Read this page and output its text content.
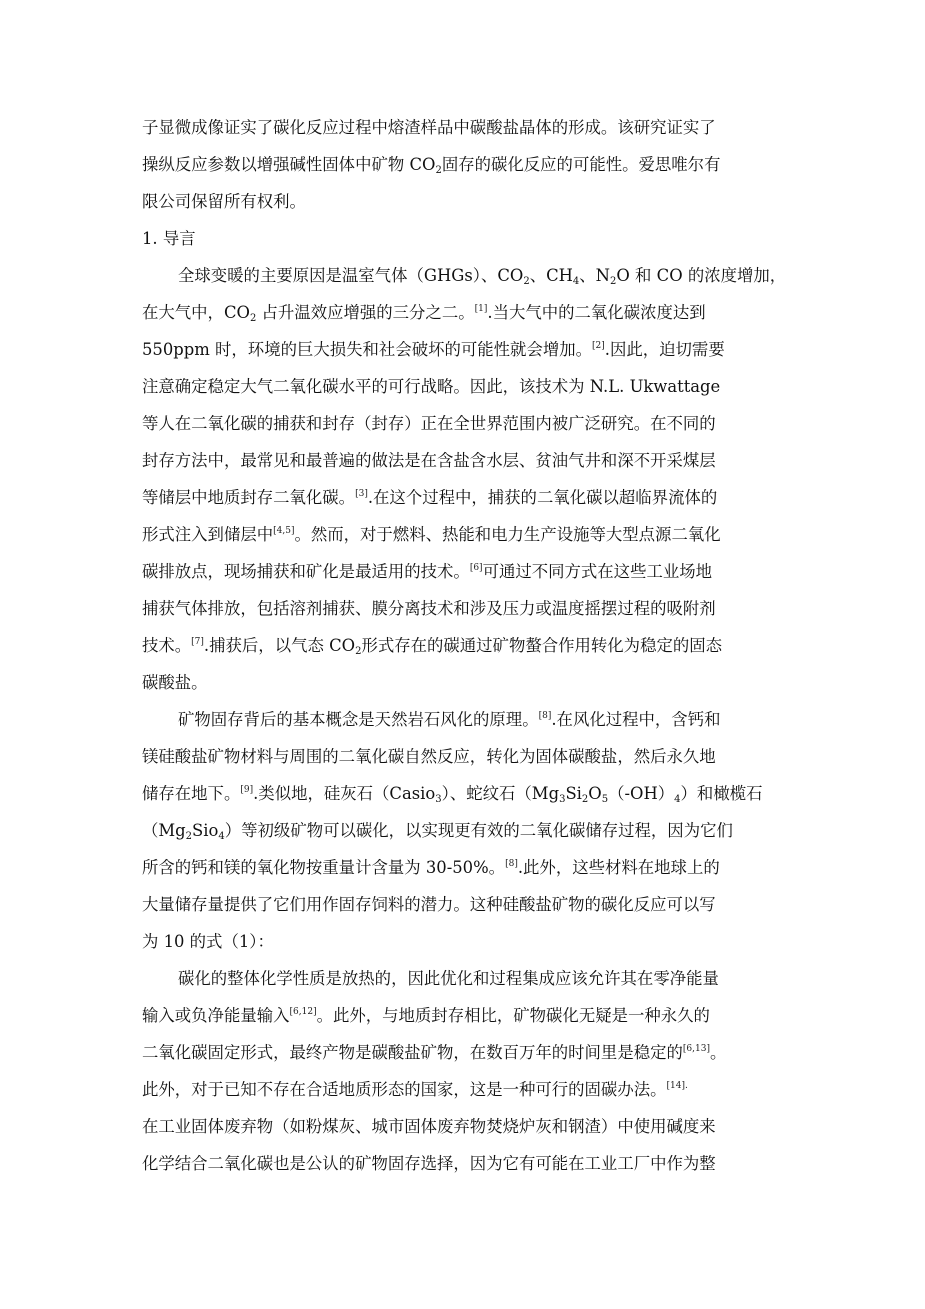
子显微成像证实了碳化反应过程中熔渣样品中碳酸盐晶体的形成。该研究证实了
操纵反应参数以增强碱性固体中矿物 $CO_2$固存的碳化反应的可能性。爱思唯尔有
限公司保留所有权利。
1. 导言
全球变暖的主要原因是温室气体（GHGs）、$CO_2$、$CH_4$、$N_2O$ 和 CO 的浓度增加，
在大气中，$CO_2$ 占升温效应增强的三分之二。[1].当大气中的二氧化碳浓度达到
550ppm 时，环境的巨大损失和社会破坏的可能性就会增加。[2].因此，迫切需要
注意确定稳定大气二氧化碳水平的可行战略。因此，该技术为 N.L. Ukwattage
等人在二氧化碳的捕获和封存（封存）正在全世界范围内被广泛研究。在不同的
封存方法中，最常见和最普遍的做法是在含盐含水层、贫油气井和深不开采煤层
等储层中地质封存二氧化碳。[3].在这个过程中，捕获的二氧化碳以超临界流体的
形式注入到储层中[4,5]。然而，对于燃料、热能和电力生产设施等大型点源二氧化
碳排放点，现场捕获和矿化是最适用的技术。[6]可通过不同方式在这些工业场地
捕获气体排放，包括溶剂捕获、膜分离技术和涉及压力或温度摇摆过程的吸附剂
技术。[7].捕获后，以气态 $CO_2$形式存在的碳通过矿物螯合作用转化为稳定的固态
碳酸盐。
矿物固存背后的基本概念是天然岩石风化的原理。[8].在风化过程中，含钙和
镁硅酸盐矿物材料与周围的二氧化碳自然反应，转化为固体碳酸盐，然后永久地
储存在地下。[9].类似地，硅灰石（Casio$_3$）、蛇纹石$(Mg_3Si_2O_5(-OH)_4)$和橄榄石
$(Mg_2Sio_4)$等初级矿物可以碳化，以实现更有效的二氧化碳储存过程，因为它们
所含的钙和镁的氧化物按重量计含量为 30-50%。[8].此外，这些材料在地球上的
大量储存量提供了它们用作固存饲料的潜力。这种硅酸盐矿物的碳化反应可以写
为 10 的式（1）：
碳化的整体化学性质是放热的，因此优化和过程集成应该允许其在零净能量
输入或负净能量输入[6,12]。此外，与地质封存相比，矿物碳化无疑是一种永久的
二氧化碳固定形式，最终产物是碳酸盐矿物，在数百万年的时间里是稳定的[6,13]。
此外，对于已知不存在合适地质形态的国家，这是一种可行的固碳办法。$^{[14].}$
在工业固体废弃物（如粉煤灰、城市固体废弃物焚烧炉灰和钢渣）中使用碱度来
化学结合二氧化碳也是公认的矿物固存选择，因为它有可能在工业工厂中作为整
